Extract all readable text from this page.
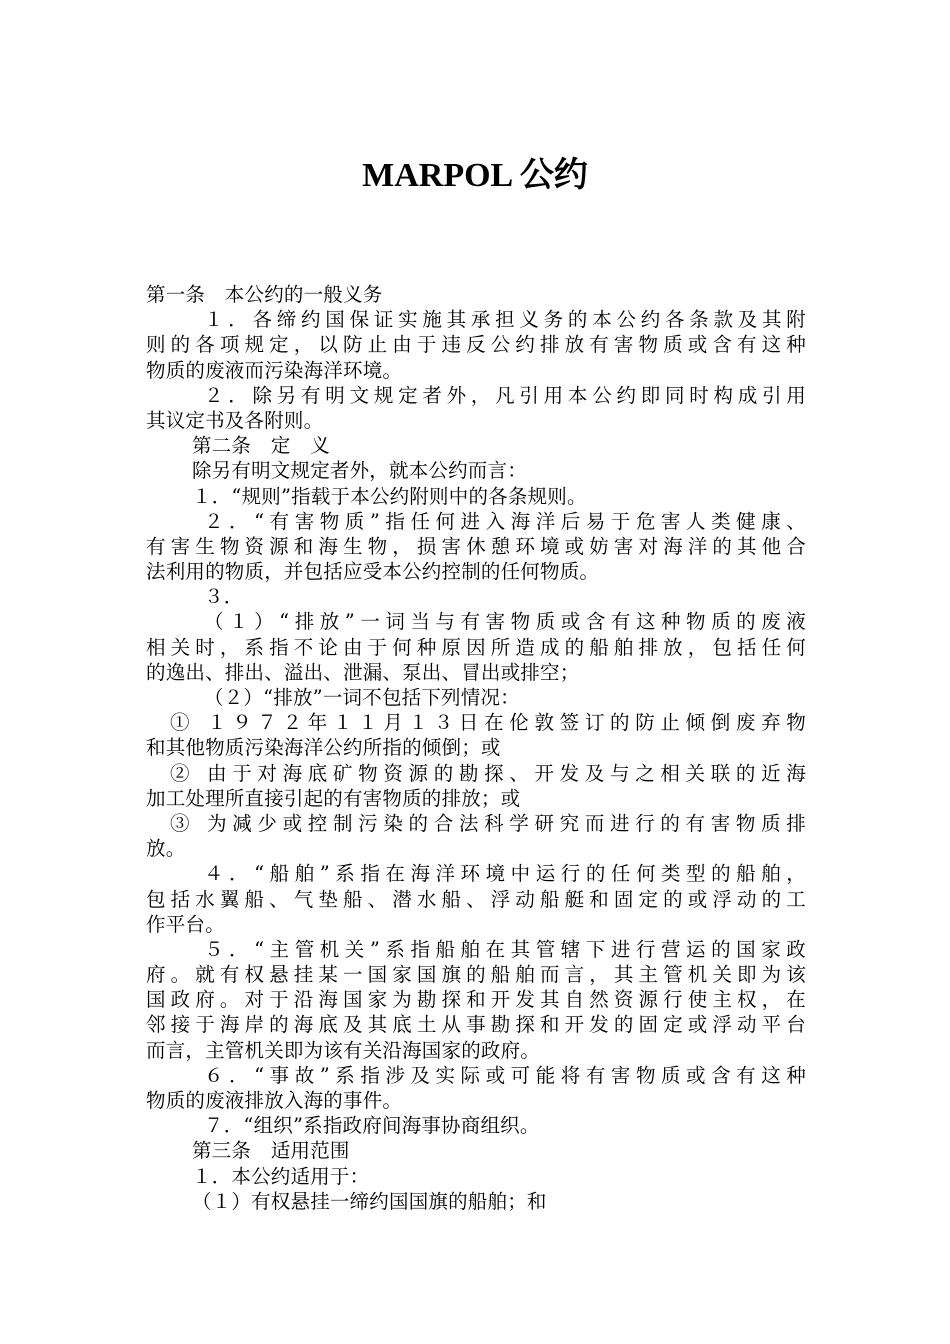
MARPOL 公约
第一条　本公约的一般义务
１．各缔约国保证实施其承担义务的本公约各条款及其附
则的各项规定，以防止由于违反公约排放有害物质或含有这种
物质的废液而污染海洋环境。
２．除另有明文规定者外，凡引用本公约即同时构成引用
其议定书及各附则。
第二条　定　义
除另有明文规定者外，就本公约而言：
１．“规则”指载于本公约附则中的各条规则。
２．“有害物质”指任何进入海洋后易于危害人类健康、
有害生物资源和海生物，损害休憩环境或妨害对海洋的其他合
法利用的物质，并包括应受本公约控制的任何物质。
３．
（１）“排放”一词当与有害物质或含有这种物质的废液
相关时，系指不论由于何种原因所造成的船舶排放，包括任何
的逸出、排出、溢出、泄漏、泵出、冒出或排空；
（２）“排放”一词不包括下列情况：
① １９７２年１１月１３日在伦敦签订的防止倾倒废弃物
和其他物质污染海洋公约所指的倾倒；或
② 由于对海底矿物资源的勘探、开发及与之相关联的近海
加工处理所直接引起的有害物质的排放；或
③ 为减少或控制污染的合法科学研究而进行的有害物质排
放。
４．“船舶”系指在海洋环境中运行的任何类型的船舶，
包括水翼船、气垫船、潜水船、浮动船艇和固定的或浮动的工
作平台。
５．“主管机关”系指船舶在其管辖下进行营运的国家政
府。就有权悬挂某一国家国旗的船舶而言，其主管机关即为该
国政府。对于沿海国家为勘探和开发其自然资源行使主权，在
邻接于海岸的海底及其底土从事勘探和开发的固定或浮动平台
而言，主管机关即为该有关沿海国家的政府。
６．“事故”系指涉及实际或可能将有害物质或含有这种
物质的废液排放入海的事件。
７．“组织”系指政府间海事协商组织。
第三条　适用范围
１．本公约适用于：
（１）有权悬挂一缔约国国旗的船舶；和
